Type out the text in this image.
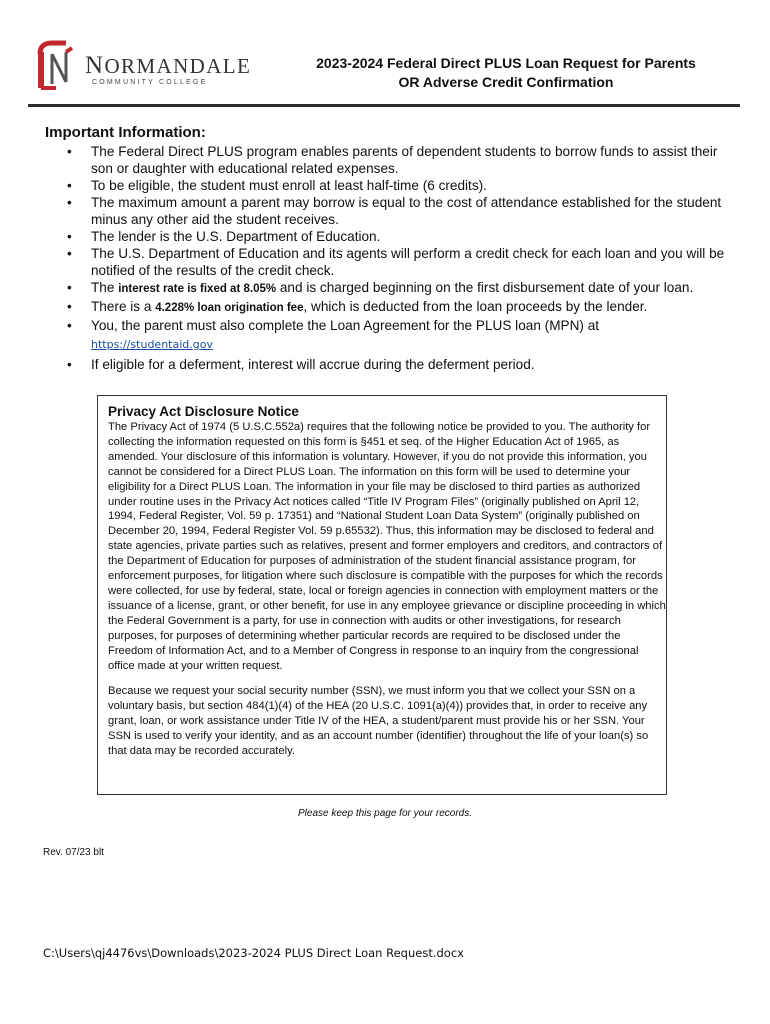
NORMANDALE
COMMUNITY COLLEGE
2023-2024 Federal Direct PLUS Loan Request for Parents
OR Adverse Credit Confirmation
Important Information:
• The Federal Direct PLUS program enables parents of dependent students to borrow funds to assist their son or daughter with educational related expenses.
• To be eligible, the student must enroll at least half-time (6 credits).
• The maximum amount a parent may borrow is equal to the cost of attendance established for the student minus any other aid the student receives.
• The lender is the U.S. Department of Education.
• The U.S. Department of Education and its agents will perform a credit check for each loan and you will be notified of the results of the credit check.
• The interest rate is fixed at 8.05% and is charged beginning on the first disbursement date of your loan.
• There is a 4.228% loan origination fee, which is deducted from the loan proceeds by the lender.
• You, the parent must also complete the Loan Agreement for the PLUS loan (MPN) at
https://studentaid.gov
• If eligible for a deferment, interest will accrue during the deferment period.
Privacy Act Disclosure Notice

The Privacy Act of 1974 (5 U.S.C.552a) requires that the following notice be provided to you. The authority for collecting the information requested on this form is §451 et seq. of the Higher Education Act of 1965, as amended. Your disclosure of this information is voluntary. However, if you do not provide this information, you cannot be considered for a Direct PLUS Loan. The information on this form will be used to determine your eligibility for a Direct PLUS Loan. The information in your file may be disclosed to third parties as authorized under routine uses in the Privacy Act notices called “Title IV Program Files” (originally published on April 12, 1994, Federal Register, Vol. 59 p. 17351) and “National Student Loan Data System” (originally published on December 20, 1994, Federal Register Vol. 59 p.65532). Thus, this information may be disclosed to federal and state agencies, private parties such as relatives, present and former employers and creditors, and contractors of the Department of Education for purposes of administration of the student financial assistance program, for enforcement purposes, for litigation where such disclosure is compatible with the purposes for which the records were collected, for use by federal, state, local or foreign agencies in connection with employment matters or the issuance of a license, grant, or other benefit, for use in any employee grievance or discipline proceeding in which the Federal Government is a party, for use in connection with audits or other investigations, for research purposes, for purposes of determining whether particular records are required to be disclosed under the Freedom of Information Act, and to a Member of Congress in response to an inquiry from the congressional office made at your written request.

Because we request your social security number (SSN), we must inform you that we collect your SSN on a voluntary basis, but section 484(1)(4) of the HEA (20 U.S.C. 1091(a)(4)) provides that, in order to receive any grant, loan, or work assistance under Title IV of the HEA, a student/parent must provide his or her SSN. Your SSN is used to verify your identity, and as an account number (identifier) throughout the life of your loan(s) so that data may be recorded accurately.

Please keep this page for your records.
Rev. 07/23 blt
C:\Users\qj4476vs\Downloads\2023-2024 PLUS Direct Loan Request.docx
